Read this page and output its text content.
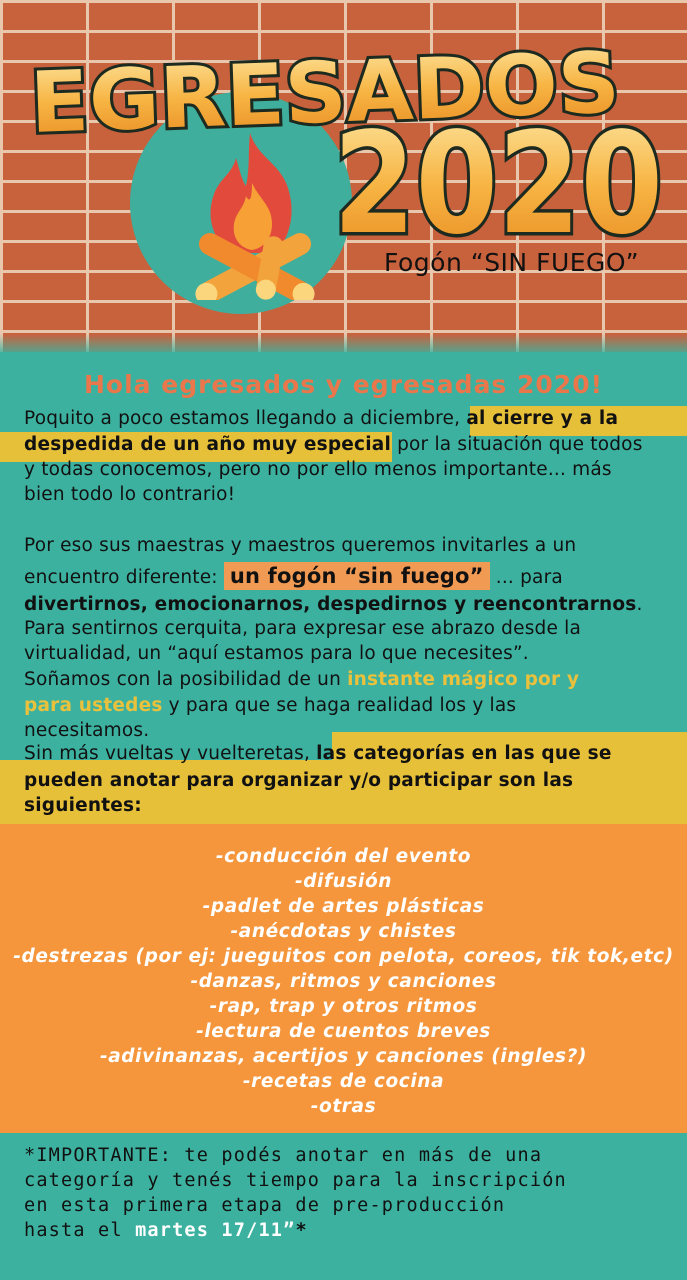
EGRESADOS
2020
Fogón “SIN FUEGO”
Hola egresados y egresadas 2020!
Poquito a poco estamos llegando a diciembre, al cierre y a la
despedida de un año muy especial por la situación que todos
y todas conocemos, pero no por ello menos importante... más
bien todo lo contrario!
Por eso sus maestras y maestros queremos invitarles a un
encuentro diferente: un fogón “sin fuego” ... para
divertirnos, emocionarnos, despedirnos y reencontrarnos.
Para sentirnos cerquita, para expresar ese abrazo desde la
virtualidad, un “aquí estamos para lo que necesites”.
Soñamos con la posibilidad de un instante mágico por y
para ustedes y para que se haga realidad los y las
necesitamos.
Sin más vueltas y vuelteretas, las categorías en las que se
pueden anotar para organizar y/o participar son las
siguientes:
-conducción del evento
-difusión
-padlet de artes plásticas
-anécdotas y chistes
-destrezas (por ej: jueguitos con pelota, coreos, tik tok,etc)
-danzas, ritmos y canciones
-rap, trap y otros ritmos
-lectura de cuentos breves
-adivinanzas, acertijos y canciones (ingles?)
-recetas de cocina
-otras
*IMPORTANTE: te podés anotar en más de una
categoría y tenés tiempo para la inscripción
en esta primera etapa de pre-producción
hasta el martes 17/11”*
